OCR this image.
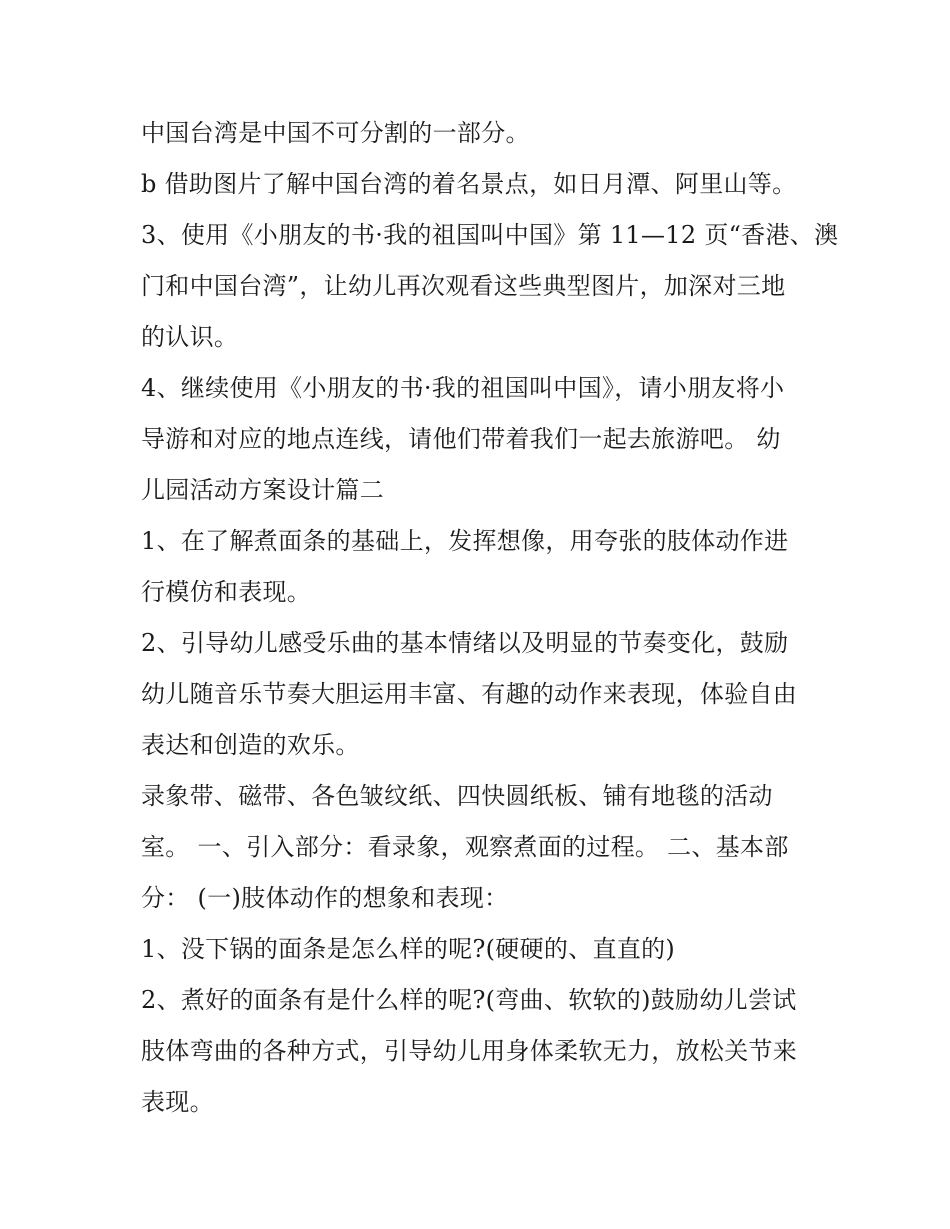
中国台湾是中国不可分割的一部分。

b 借助图片了解中国台湾的着名景点，如日月潭、阿里山等。

3、使用《小朋友的书·我的祖国叫中国》第 11—12 页“香港、澳

门和中国台湾”，让幼儿再次观看这些典型图片，加深对三地

的认识。

4、继续使用《小朋友的书·我的祖国叫中国》，请小朋友将小

导游和对应的地点连线，请他们带着我们一起去旅游吧。 幼

儿园活动方案设计篇二

1、在了解煮面条的基础上，发挥想像，用夸张的肢体动作进

行模仿和表现。

2、引导幼儿感受乐曲的基本情绪以及明显的节奏变化，鼓励

幼儿随音乐节奏大胆运用丰富、有趣的动作来表现，体验自由

表达和创造的欢乐。

录象带、磁带、各色皱纹纸、四快圆纸板、铺有地毯的活动

室。 一、引入部分：看录象，观察煮面的过程。 二、基本部

分： (一)肢体动作的想象和表现：

1、没下锅的面条是怎么样的呢?(硬硬的、直直的)

2、煮好的面条有是什么样的呢?(弯曲、软软的)鼓励幼儿尝试

肢体弯曲的各种方式，引导幼儿用身体柔软无力，放松关节来

表现。
